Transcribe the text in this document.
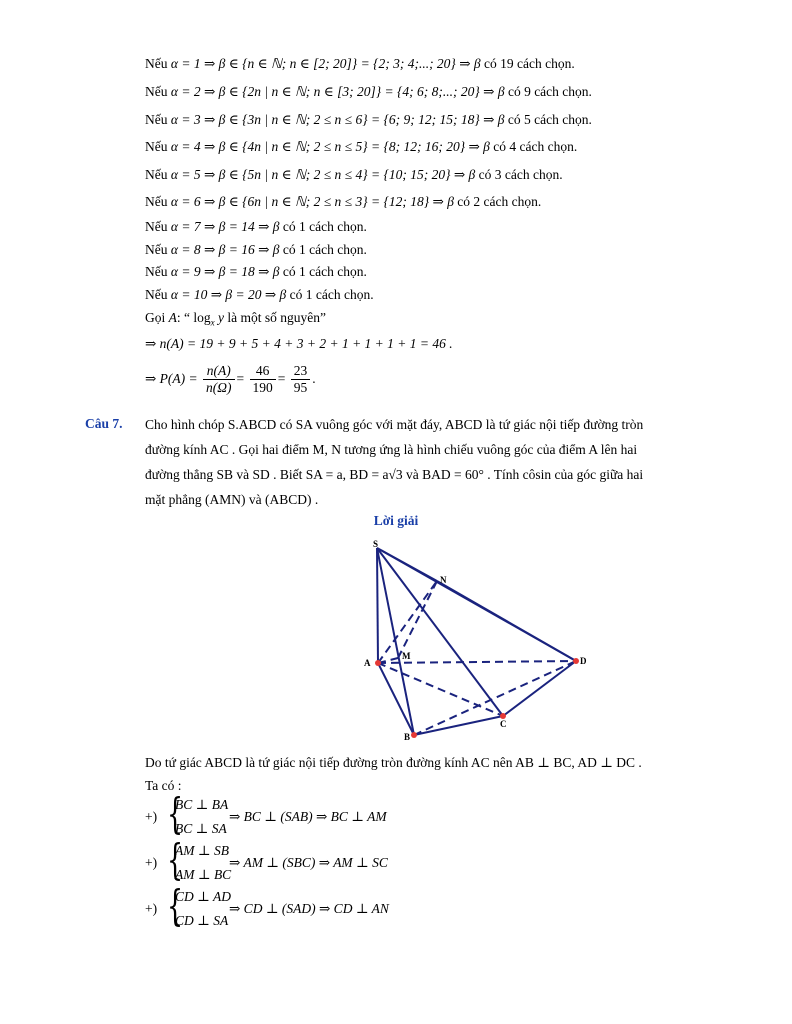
Nếu α = 1 ⇒ β ∈ {n ∈ ℕ; n ∈ [2; 20]} = {2; 3; 4;...; 20} ⇒ β có 19 cách chọn.
Nếu α = 2 ⇒ β ∈ {2n | n ∈ ℕ; n ∈ [3; 20]} = {4; 6; 8;...; 20} ⇒ β có 9 cách chọn.
Nếu α = 3 ⇒ β ∈ {3n | n ∈ ℕ; 2 ≤ n ≤ 6} = {6; 9; 12; 15; 18} ⇒ β có 5 cách chọn.
Nếu α = 4 ⇒ β ∈ {4n | n ∈ ℕ; 2 ≤ n ≤ 5} = {8; 12; 16; 20} ⇒ β có 4 cách chọn.
Nếu α = 5 ⇒ β ∈ {5n | n ∈ ℕ; 2 ≤ n ≤ 4} = {10; 15; 20} ⇒ β có 3 cách chọn.
Nếu α = 6 ⇒ β ∈ {6n | n ∈ ℕ; 2 ≤ n ≤ 3} = {12; 18} ⇒ β có 2 cách chọn.
Nếu α = 7 ⇒ β = 14 ⇒ β có 1 cách chọn.
Nếu α = 8 ⇒ β = 16 ⇒ β có 1 cách chọn.
Nếu α = 9 ⇒ β = 18 ⇒ β có 1 cách chọn.
Nếu α = 10 ⇒ β = 20 ⇒ β có 1 cách chọn.
Gọi A: “ $\log_x y$ là một số nguyên”
⇒ n(A) = 19 + 9 + 5 + 4 + 3 + 2 + 1 + 1 + 1 + 1 = 46 .
⇒ $P(A) = \frac{n(A)}{n(\Omega)} = \frac{46}{190} = \frac{23}{95}$ .
Câu 7. Cho hình chóp S.ABCD có SA vuông góc với mặt đáy, ABCD là tứ giác nội tiếp đường tròn
đường kính AC . Gọi hai điểm M, N tương ứng là hình chiếu vuông góc của điểm A lên hai
đường thẳng SB và SD . Biết SA = a, BD = a√3 và BAD = 60° . Tính côsin của góc giữa hai
mặt phẳng (AMN) và (ABCD) .
Lời giải
S
N
M
A	D
C
B
Do tứ giác ABCD là tứ giác nội tiếp đường tròn đường kính AC nên AB ⊥ BC, AD ⊥ DC .
Ta có :
+) {
BC ⊥ BA
BC ⊥ SA
⇒ BC ⊥ (SAB) ⇒ BC ⊥ AM
+) {
AM ⊥ SB
AM ⊥ BC
⇒ AM ⊥ (SBC) ⇒ AM ⊥ SC
+) {
CD ⊥ AD
CD ⊥ SA
⇒ CD ⊥ (SAD) ⇒ CD ⊥ AN
